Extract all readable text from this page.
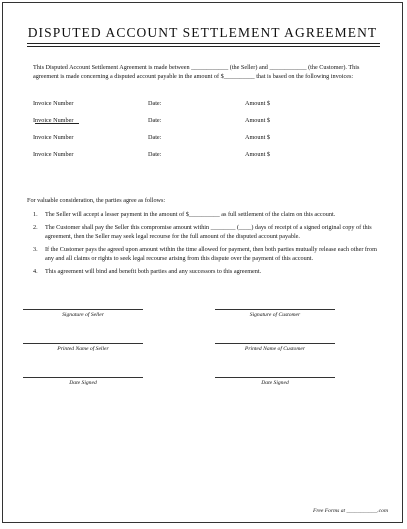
DISPUTED ACCOUNT SETTLEMENT AGREEMENT
This Disputed Account Settlement Agreement is made between ____________ (the Seller) and ____________ (the Customer). This agreement is made concerning a disputed account payable in the amount of $__________ that is based on the following invoices:
Invoice Number	Date:	Amount $
Invoice Number	Date:	Amount $
Invoice Number	Date:	Amount $
Invoice Number	Date:	Amount $
For valuable consideration, the parties agree as follows:
1.	The Seller will accept a lesser payment in the amount of $__________ as full settlement of the claim on this account.
2.	The Customer shall pay the Seller this compromise amount within ________ (____) days of receipt of a signed original copy of this agreement, then the Seller may seek legal recourse for the full amount of the disputed account payable.
3.	If the Customer pays the agreed upon amount within the time allowed for payment, then both parties mutually release each other from any and all claims or rights to seek legal recourse arising from this dispute over the payment of this account.
4.	This agreement will bind and benefit both parties and any successors to this agreement.
Signature of Seller	Signature of Customer
Printed Name of Seller	Printed Name of Customer
Date Signed	Date Signed
Free Forms at ___________.com
